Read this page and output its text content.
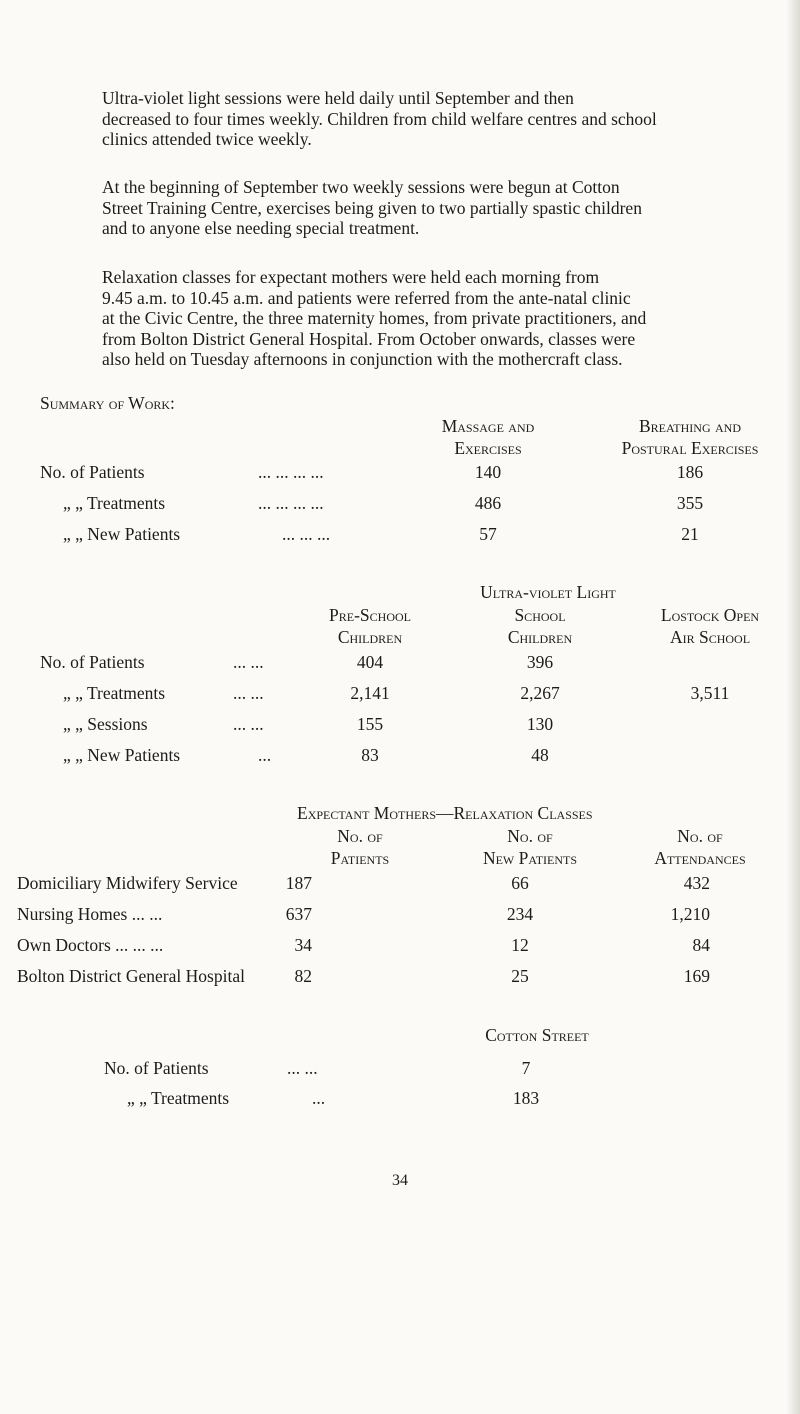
Ultra-violet light sessions were held daily until September and then
decreased to four times weekly. Children from child welfare centres and school
clinics attended twice weekly.
At the beginning of September two weekly sessions were begun at Cotton
Street Training Centre, exercises being given to two partially spastic children
and to anyone else needing special treatment.
Relaxation classes for expectant mothers were held each morning from
9.45 a.m. to 10.45 a.m. and patients were referred from the ante-natal clinic
at the Civic Centre, the three maternity homes, from private practitioners, and
from Bolton District General Hospital. From October onwards, classes were
also held on Tuesday afternoons in conjunction with the mothercraft class.
Summary of Work:
Massage and
Exercises
Breathing and
Postural Exercises
No. of Patients	... ... ... ...	140	186
„ „ Treatments	... ... ... ...	486	355
„ „ New Patients	... ... ...	57	21
Ultra-violet Light
Pre-School
Children
School
Children
Lostock Open
Air School
No. of Patients	... ...	404	396
„ „ Treatments	... ...	2,141	2,267	3,511
„ „ Sessions	... ...	155	130
„ „ New Patients	...	83	48
Expectant Mothers—Relaxation Classes
No. of
Patients
No. of
New Patients
No. of
Attendances
Domiciliary Midwifery Service	187	66	432
Nursing Homes ... ...	637	234	1,210
Own Doctors ... ... ...	34	12	84
Bolton District General Hospital	82	25	169
Cotton Street
No. of Patients	... ...	7
„ „ Treatments	...	183
34
